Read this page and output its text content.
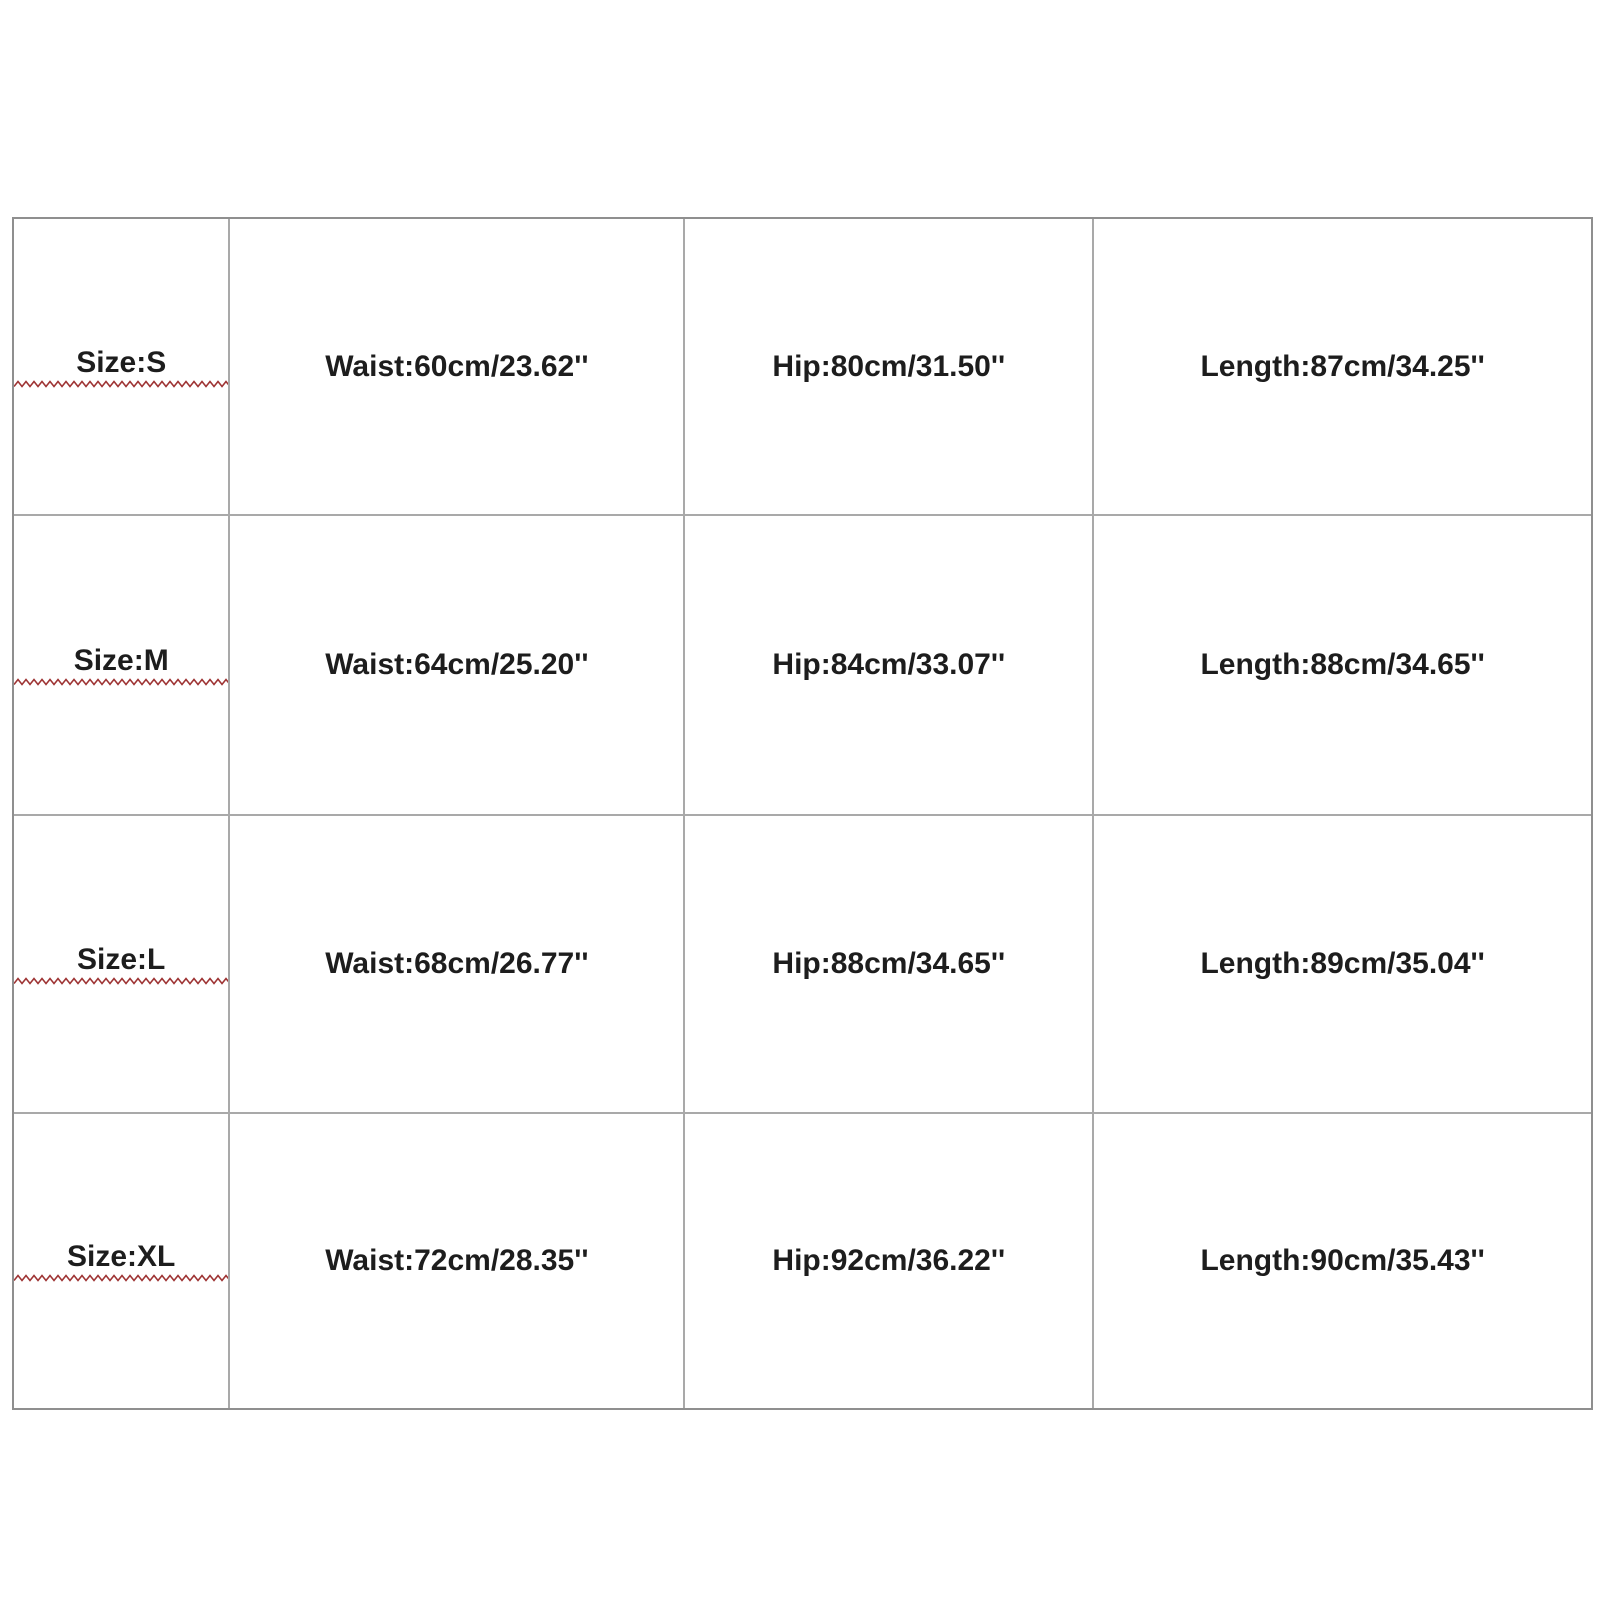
Size:S	Waist:60cm/23.62''	Hip:80cm/31.50''	Length:87cm/34.25''
Size:M	Waist:64cm/25.20''	Hip:84cm/33.07''	Length:88cm/34.65''
Size:L	Waist:68cm/26.77''	Hip:88cm/34.65''	Length:89cm/35.04''
Size:XL	Waist:72cm/28.35''	Hip:92cm/36.22''	Length:90cm/35.43''
